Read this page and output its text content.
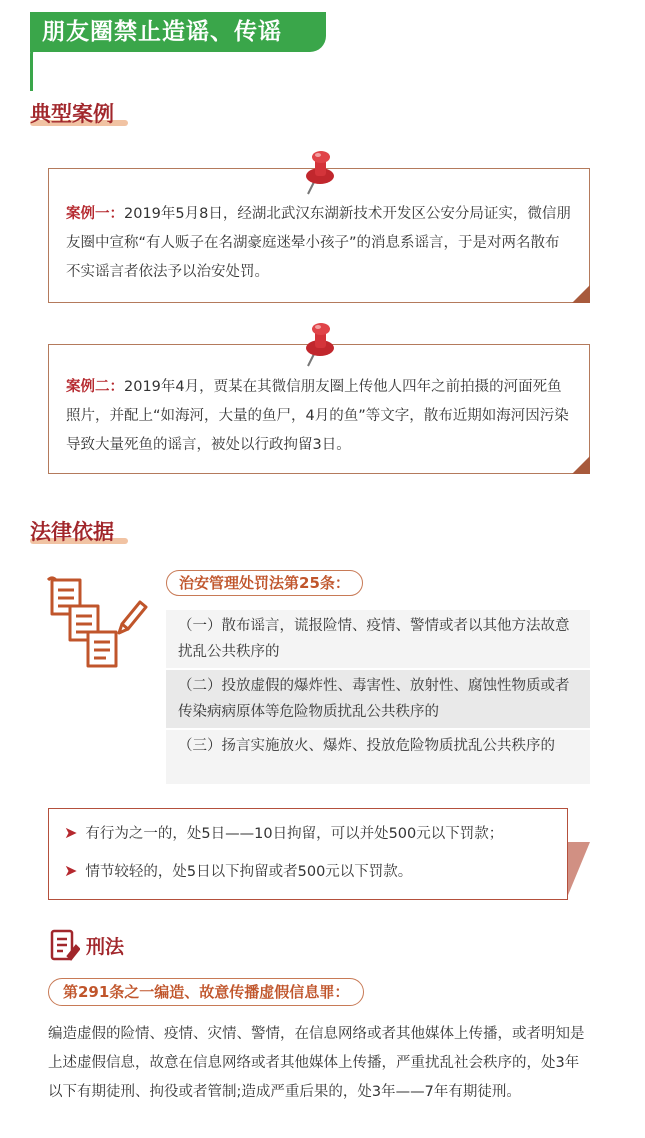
朋友圈禁止造谣、传谣
典型案例
案例一：2019年5月8日，经湖北武汉东湖新技术开发区公安分局证实，微信朋友圈中宣称“有人贩子在名湖豪庭迷晕小孩子”的消息系谣言，于是对两名散布不实谣言者依法予以治安处罚。
案例二：2019年4月，贾某在其微信朋友圈上传他人四年之前拍摄的河面死鱼照片，并配上“如海河，大量的鱼尸，4月的鱼”等文字，散布近期如海河因污染导致大量死鱼的谣言，被处以行政拘留3日。
法律依据
治安管理处罚法第25条：
（一）散布谣言，谎报险情、疫情、警情或者以其他方法故意扰乱公共秩序的
（二）投放虚假的爆炸性、毒害性、放射性、腐蚀性物质或者传染病病原体等危险物质扰乱公共秩序的
（三）扬言实施放火、爆炸、投放危险物质扰乱公共秩序的
➤ 有行为之一的，处5日——10日拘留，可以并处500元以下罚款；
➤ 情节较轻的，处5日以下拘留或者500元以下罚款。
刑法
第291条之一编造、故意传播虚假信息罪：
编造虚假的险情、疫情、灾情、警情，在信息网络或者其他媒体上传播，或者明知是上述虚假信息，故意在信息网络或者其他媒体上传播，严重扰乱社会秩序的，处3年以下有期徒刑、拘役或者管制;造成严重后果的，处3年——7年有期徒刑。
